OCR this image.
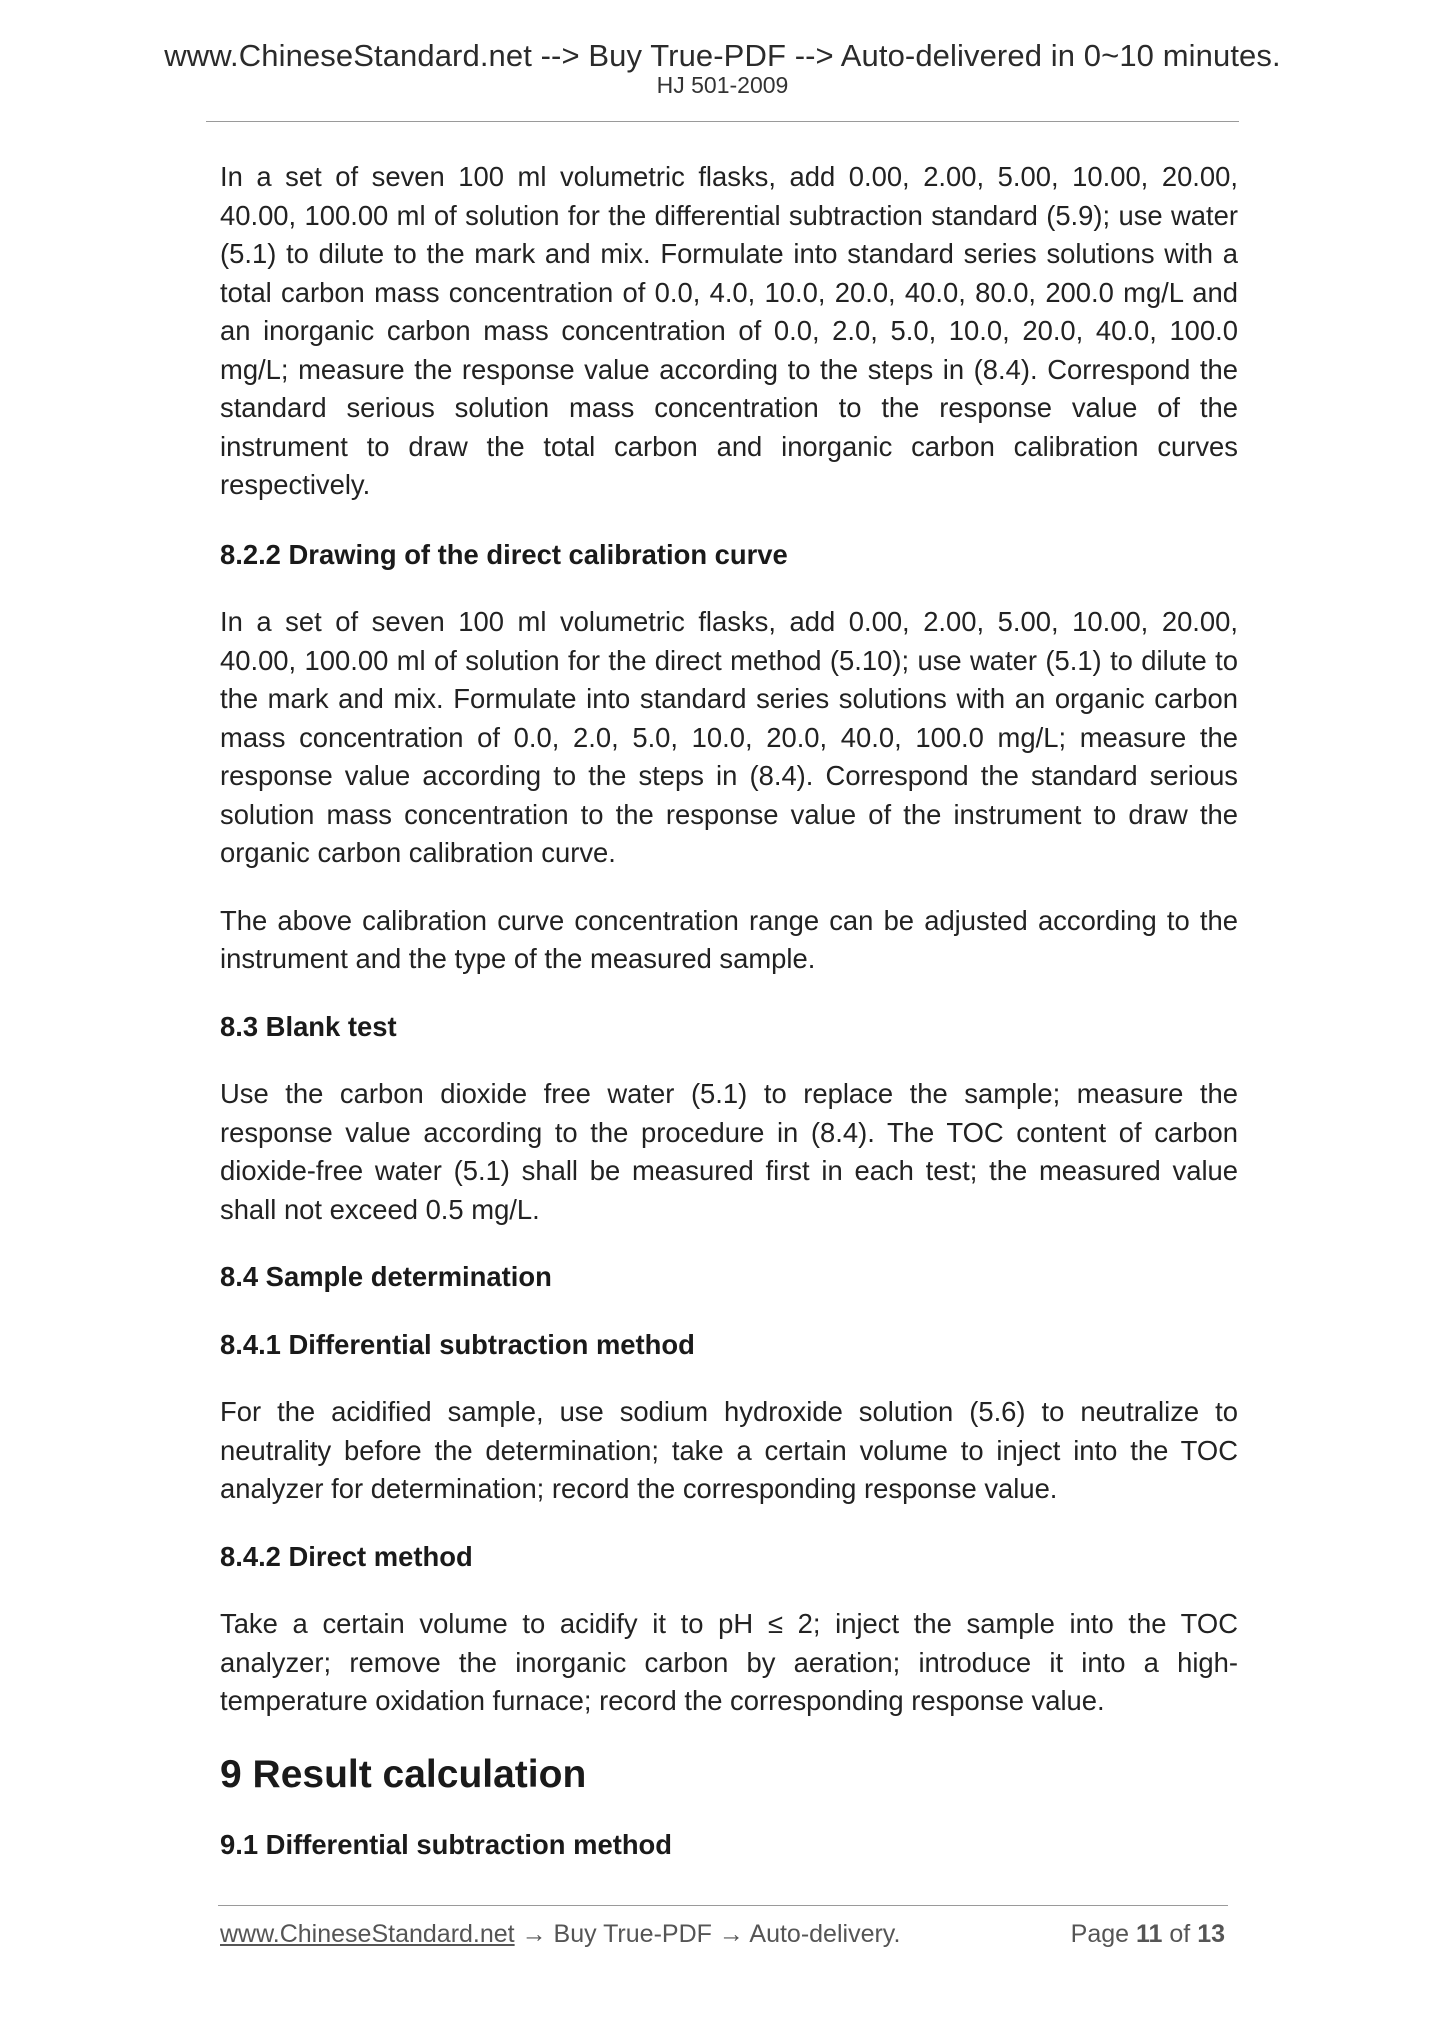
www.ChineseStandard.net --> Buy True-PDF --> Auto-delivered in 0~10 minutes.
HJ 501-2009

In a set of seven 100 ml volumetric flasks, add 0.00, 2.00, 5.00, 10.00, 20.00, 40.00, 100.00 ml of solution for the differential subtraction standard (5.9); use water (5.1) to dilute to the mark and mix. Formulate into standard series solutions with a total carbon mass concentration of 0.0, 4.0, 10.0, 20.0, 40.0, 80.0, 200.0 mg/L and an inorganic carbon mass concentration of 0.0, 2.0, 5.0, 10.0, 20.0, 40.0, 100.0 mg/L; measure the response value according to the steps in (8.4). Correspond the standard serious solution mass concentration to the response value of the instrument to draw the total carbon and inorganic carbon calibration curves respectively.

8.2.2 Drawing of the direct calibration curve

In a set of seven 100 ml volumetric flasks, add 0.00, 2.00, 5.00, 10.00, 20.00, 40.00, 100.00 ml of solution for the direct method (5.10); use water (5.1) to dilute to the mark and mix. Formulate into standard series solutions with an organic carbon mass concentration of 0.0, 2.0, 5.0, 10.0, 20.0, 40.0, 100.0 mg/L; measure the response value according to the steps in (8.4). Correspond the standard serious solution mass concentration to the response value of the instrument to draw the organic carbon calibration curve.

The above calibration curve concentration range can be adjusted according to the instrument and the type of the measured sample.

8.3 Blank test

Use the carbon dioxide free water (5.1) to replace the sample; measure the response value according to the procedure in (8.4). The TOC content of carbon dioxide-free water (5.1) shall be measured first in each test; the measured value shall not exceed 0.5 mg/L.

8.4 Sample determination
8.4.1 Differential subtraction method

For the acidified sample, use sodium hydroxide solution (5.6) to neutralize to neutrality before the determination; take a certain volume to inject into the TOC analyzer for determination; record the corresponding response value.

8.4.2 Direct method

Take a certain volume to acidify it to pH ≤ 2; inject the sample into the TOC analyzer; remove the inorganic carbon by aeration; introduce it into a high-temperature oxidation furnace; record the corresponding response value.

9 Result calculation
9.1 Differential subtraction method
www.ChineseStandard.net → Buy True-PDF → Auto-delivery.	Page 11 of 13
